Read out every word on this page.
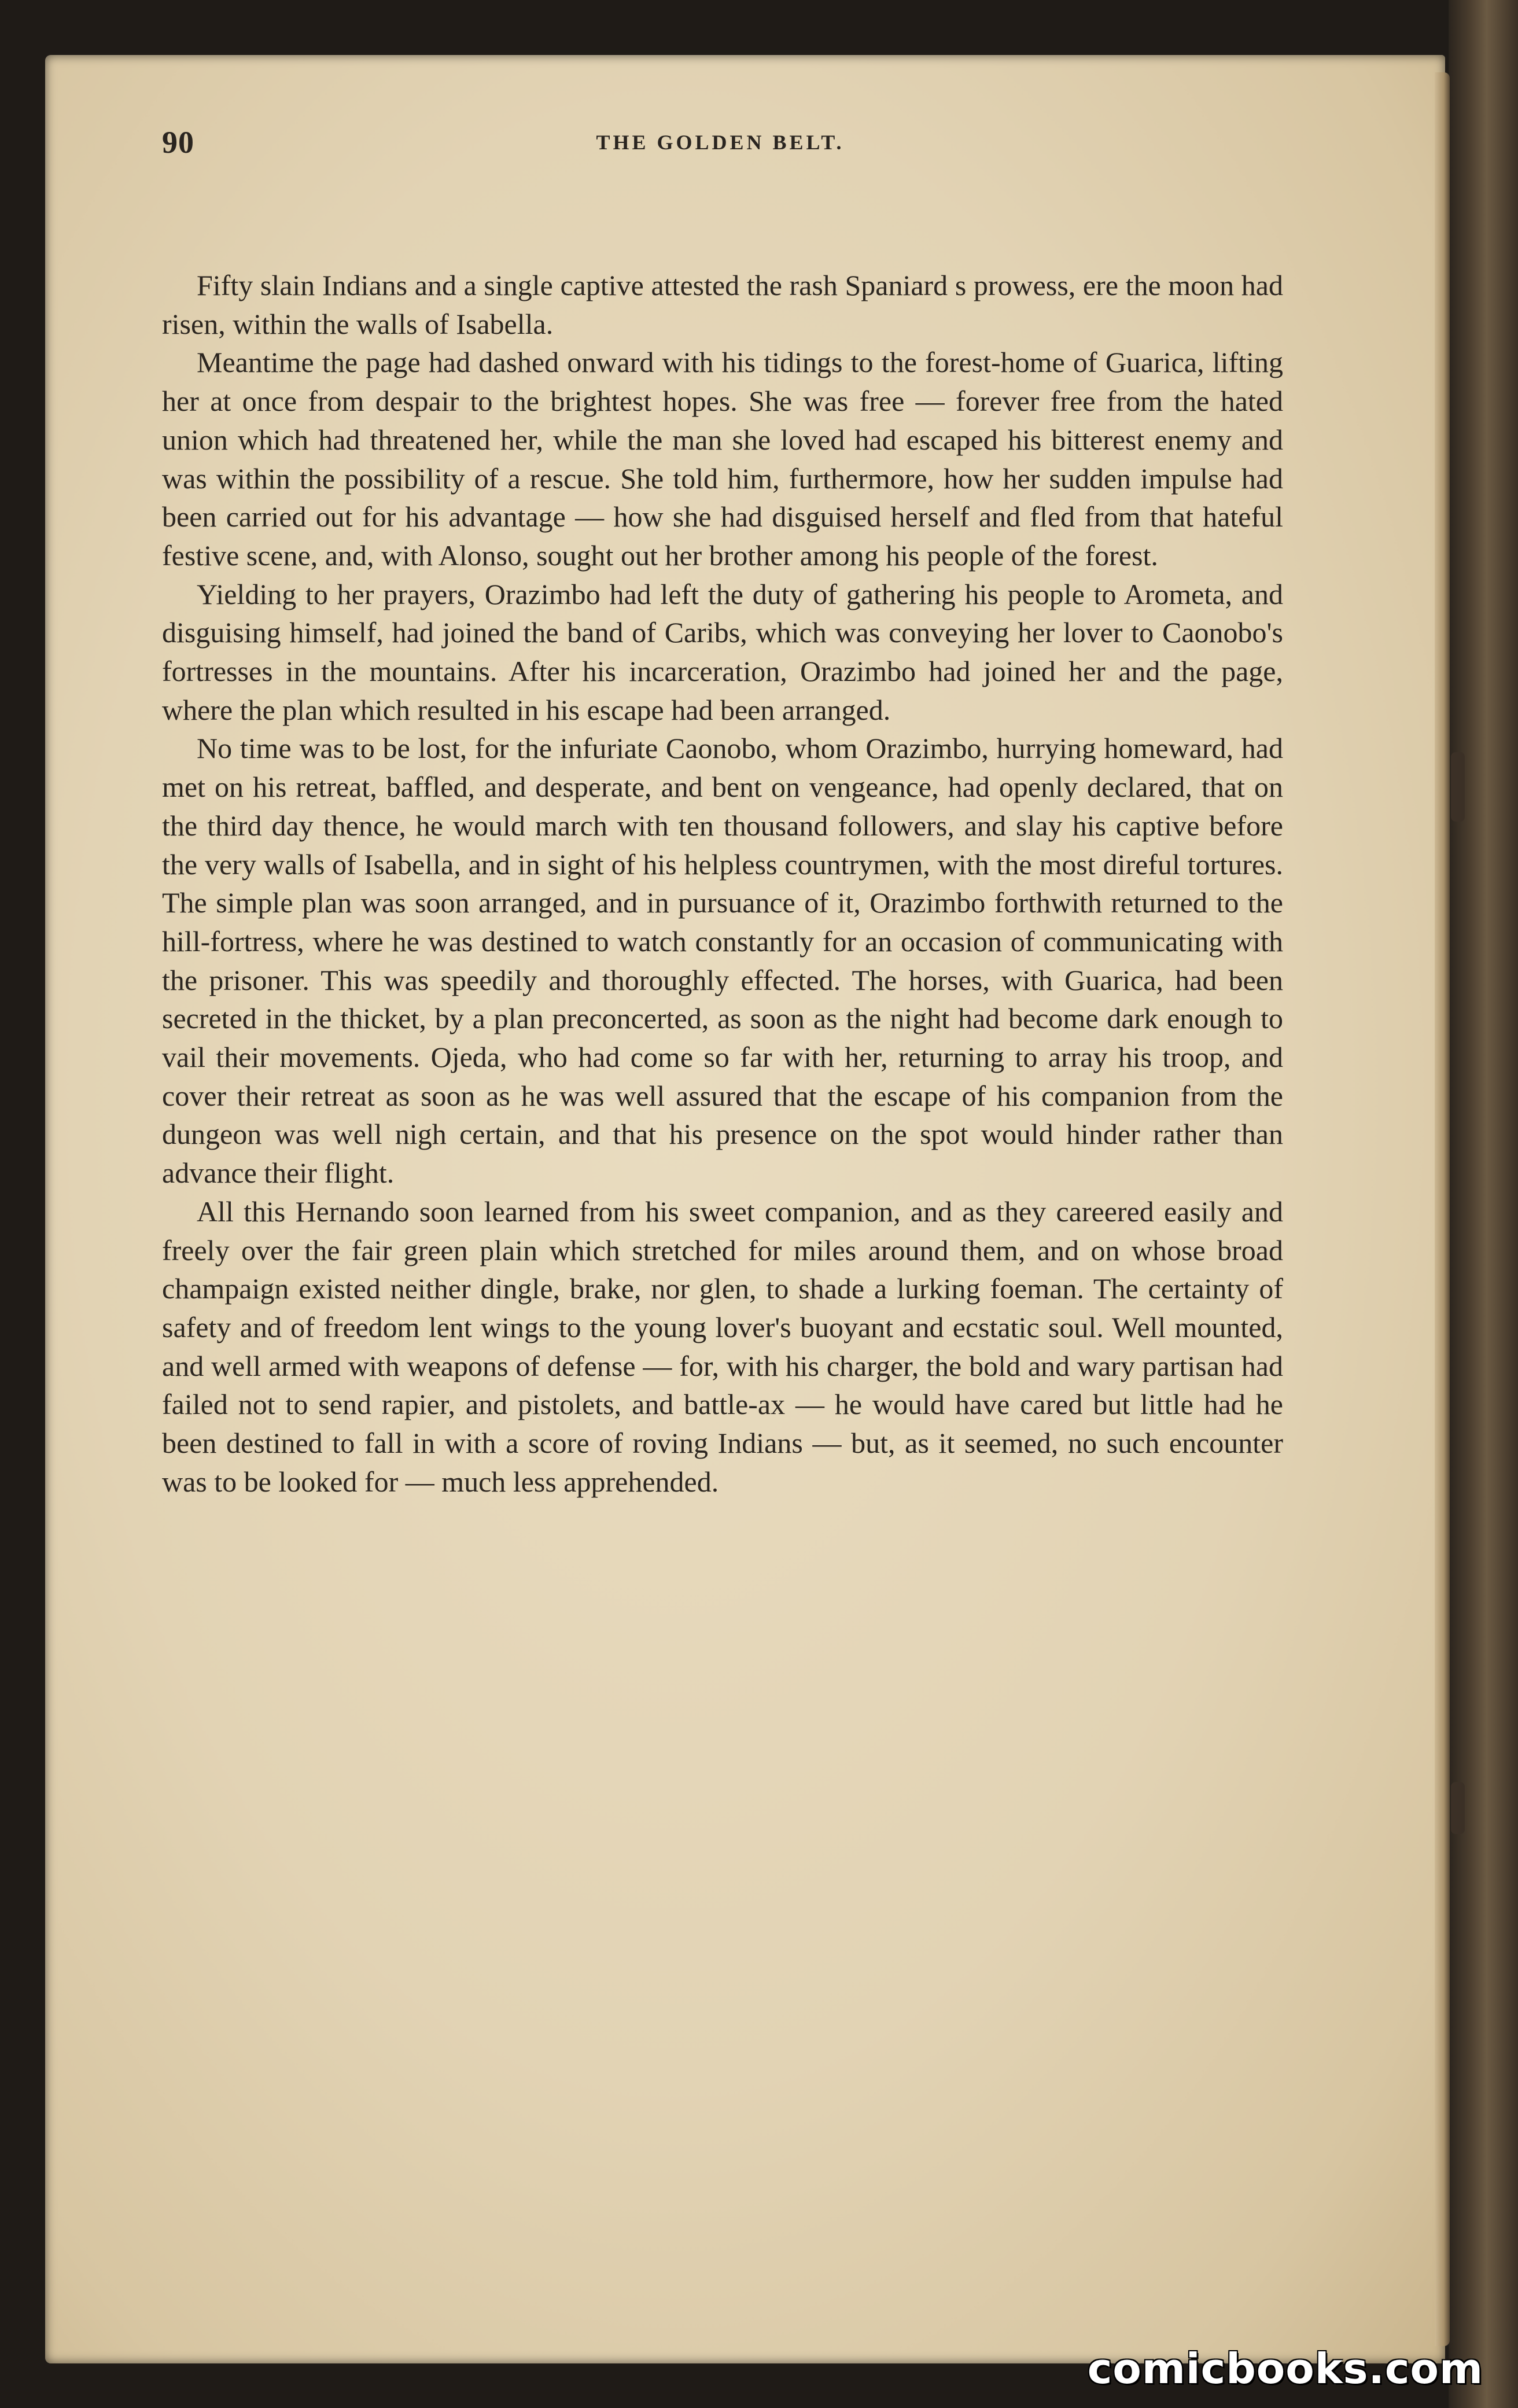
90	THE GOLDEN BELT.

Fifty slain Indians and a single captive attested the rash Spaniard s prowess, ere the moon had risen, within the walls of Isabella.

Meantime the page had dashed onward with his tidings to the forest-home of Guarica, lifting her at once from despair to the brightest hopes. She was free — forever free from the hated union which had threatened her, while the man she loved had escaped his bitterest enemy and was within the possibility of a rescue. She told him, furthermore, how her sudden impulse had been carried out for his advantage — how she had disguised herself and fled from that hateful festive scene, and, with Alonso, sought out her brother among his people of the forest.

Yielding to her prayers, Orazimbo had left the duty of gathering his people to Arometa, and disguising himself, had joined the band of Caribs, which was conveying her lover to Caonobo's fortresses in the mountains. After his incarceration, Orazimbo had joined her and the page, where the plan which resulted in his escape had been arranged.

No time was to be lost, for the infuriate Caonobo, whom Orazimbo, hurrying homeward, had met on his retreat, baffled, and desperate, and bent on vengeance, had openly declared, that on the third day thence, he would march with ten thousand followers, and slay his captive before the very walls of Isabella, and in sight of his helpless countrymen, with the most direful tortures. The simple plan was soon arranged, and in pursuance of it, Orazimbo forthwith returned to the hill-fortress, where he was destined to watch constantly for an occasion of communicating with the prisoner. This was speedily and thoroughly effected. The horses, with Guarica, had been secreted in the thicket, by a plan preconcerted, as soon as the night had become dark enough to vail their movements. Ojeda, who had come so far with her, returning to array his troop, and cover their retreat as soon as he was well assured that the escape of his companion from the dungeon was well nigh certain, and that his presence on the spot would hinder rather than advance their flight.

All this Hernando soon learned from his sweet companion, and as they careered easily and freely over the fair green plain which stretched for miles around them, and on whose broad champaign existed neither dingle, brake, nor glen, to shade a lurking foeman. The certainty of safety and of freedom lent wings to the young lover's buoyant and ecstatic soul. Well mounted, and well armed with weapons of defense — for, with his charger, the bold and wary partisan had failed not to send rapier, and pistolets, and battle-ax — he would have cared but little had he been destined to fall in with a score of roving Indians — but, as it seemed, no such encounter was to be looked for — much less apprehended.

comicbooks.com
